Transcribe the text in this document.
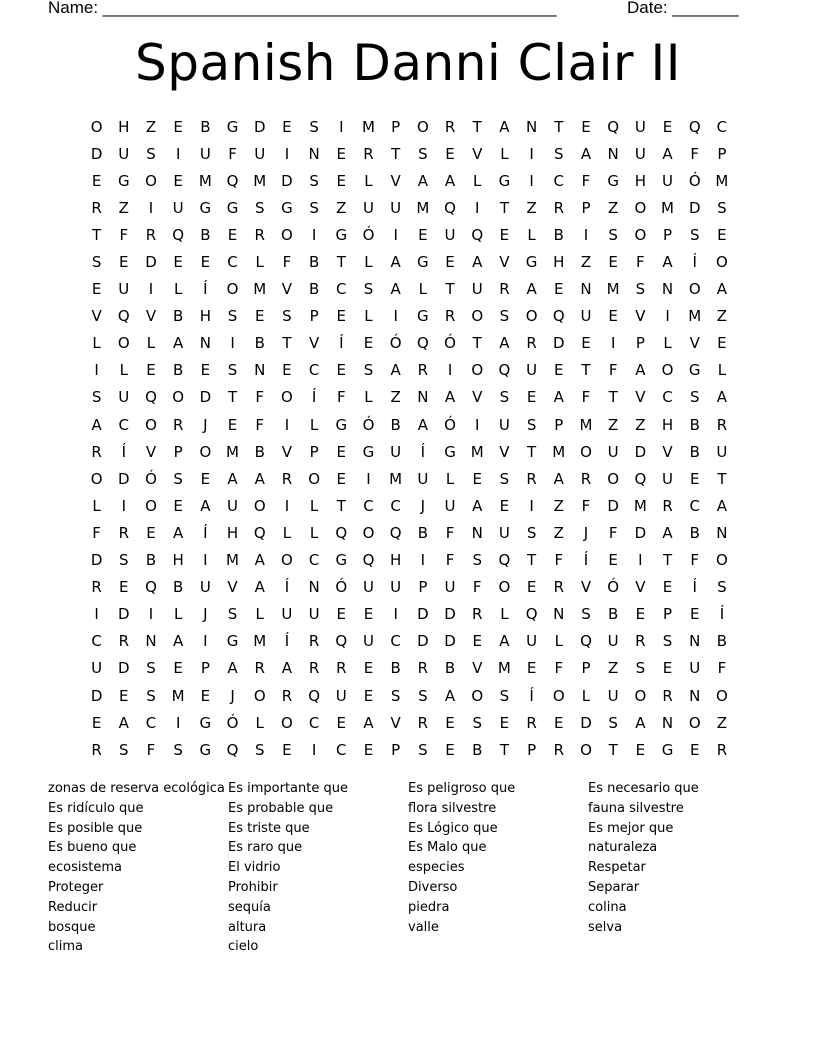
Name: ________________________________________________	Date: _______
Spanish Danni Clair II
O	H	Z	E	B	G	D	E	S	I	M	P	O	R	T	A	N	T	E	Q	U	E	Q	C
D	U	S	I	U	F	U	I	N	E	R	T	S	E	V	L	I	S	A	N	U	A	F	P
E	G	O	E	M Q M D	S	E	L	V	A	A	L	G	I	C	F	G	H	U	Ó M
R	Z	I	U	G	G	S	G	S	Z	U	U	M Q	I	T	Z	R	P	Z	O M D	S
T	F	R	Q	B	E	R	O	I	G	Ó	I	E	U	Q	E	L	B	I	S	O	P	S	E
S	E	D	E	E	C	L	F	B	T	L	A	G	E	A	V	G	H	Z	E	F	A	Í	O
E	U	I	L	Í	O M	V	B	C	S	A	L	T	U	R	A	E	N	M	S	N	O	A
V	Q	V	B	H	S	E	S	P	E	L	I	G	R	O	S	O	Q	U	E	V	I	M	Z
L	O	L	A	N	I	B	T	V	Í	E	Ó	Q	Ó	T	A	R	D	E	I	P	L	V	E
I	L	E	B	E	S	N	E	C	E	S	A	R	I	O	Q	U	E	T	F	A	O	G	L
S	U	Q	O	D	T	F	O	Í	F	L	Z	N	A	V	S	E	A	F	T	V	C	S	A
A	C	O	R	J	E	F	I	L	G	Ó	B	A	Ó	I	U	S	P	M	Z	Z	H	B	R
R	Í	V	P	O M	B	V	P	E	G	U	Í	G M	V	T	M O	U	D	V	B	U
O	D	Ó	S	E	A	A	R	O	E	I	M	U	L	E	S	R	A	R	O	Q	U	E	T
L	I	O	E	A	U	O	I	L	T	C	C	J	U	A	E	I	Z	F	D M	R	C	A
F	R	E	A	Í	H	Q	L	L	Q	O	Q	B	F	N	U	S	Z	J	F	D	A	B	N
D	S	B	H	I	M	A	O	C	G	Q	H	I	F	S	Q	T	F	Í	E	I	T	F	O
R	E	Q	B	U	V	A	Í	N	Ó	U	U	P	U	F	O	E	R	V	Ó	V	E	Í	S
I	D	I	L	J	S	L	U	U	E	E	I	D	D	R	L	Q	N	S	B	E	P	E	Í
C	R	N	A	I	G M	Í	R	Q	U	C	D	D	E	A	U	L	Q	U	R	S	N	B
U	D	S	E	P	A	R	A	R	R	E	B	R	B	V	M	E	F	P	Z	S	E	U	F
D	E	S	M	E	J	O	R	Q	U	E	S	S	A	O	S	Í	O	L	U	O	R	N	O
E	A	C	I	G	Ó	L	O	C	E	A	V	R	E	S	E	R	E	D	S	A	N	O	Z
R	S	F	S	G	Q	S	E	I	C	E	P	S	E	B	T	P	R	O	T	E	G	E	R
zonas de reserva ecológica
Es ridículo que
Es posible que
Es bueno que
ecosistema
Proteger
Reducir
bosque
clima
Es importante que
Es probable que
Es triste que
Es raro que
El vidrio
Prohibir
sequía
altura
cielo
Es peligroso que
flora silvestre
Es Lógico que
Es Malo que
especies
Diverso
piedra
valle
Es necesario que
fauna silvestre
Es mejor que
naturaleza
Respetar
Separar
colina
selva
